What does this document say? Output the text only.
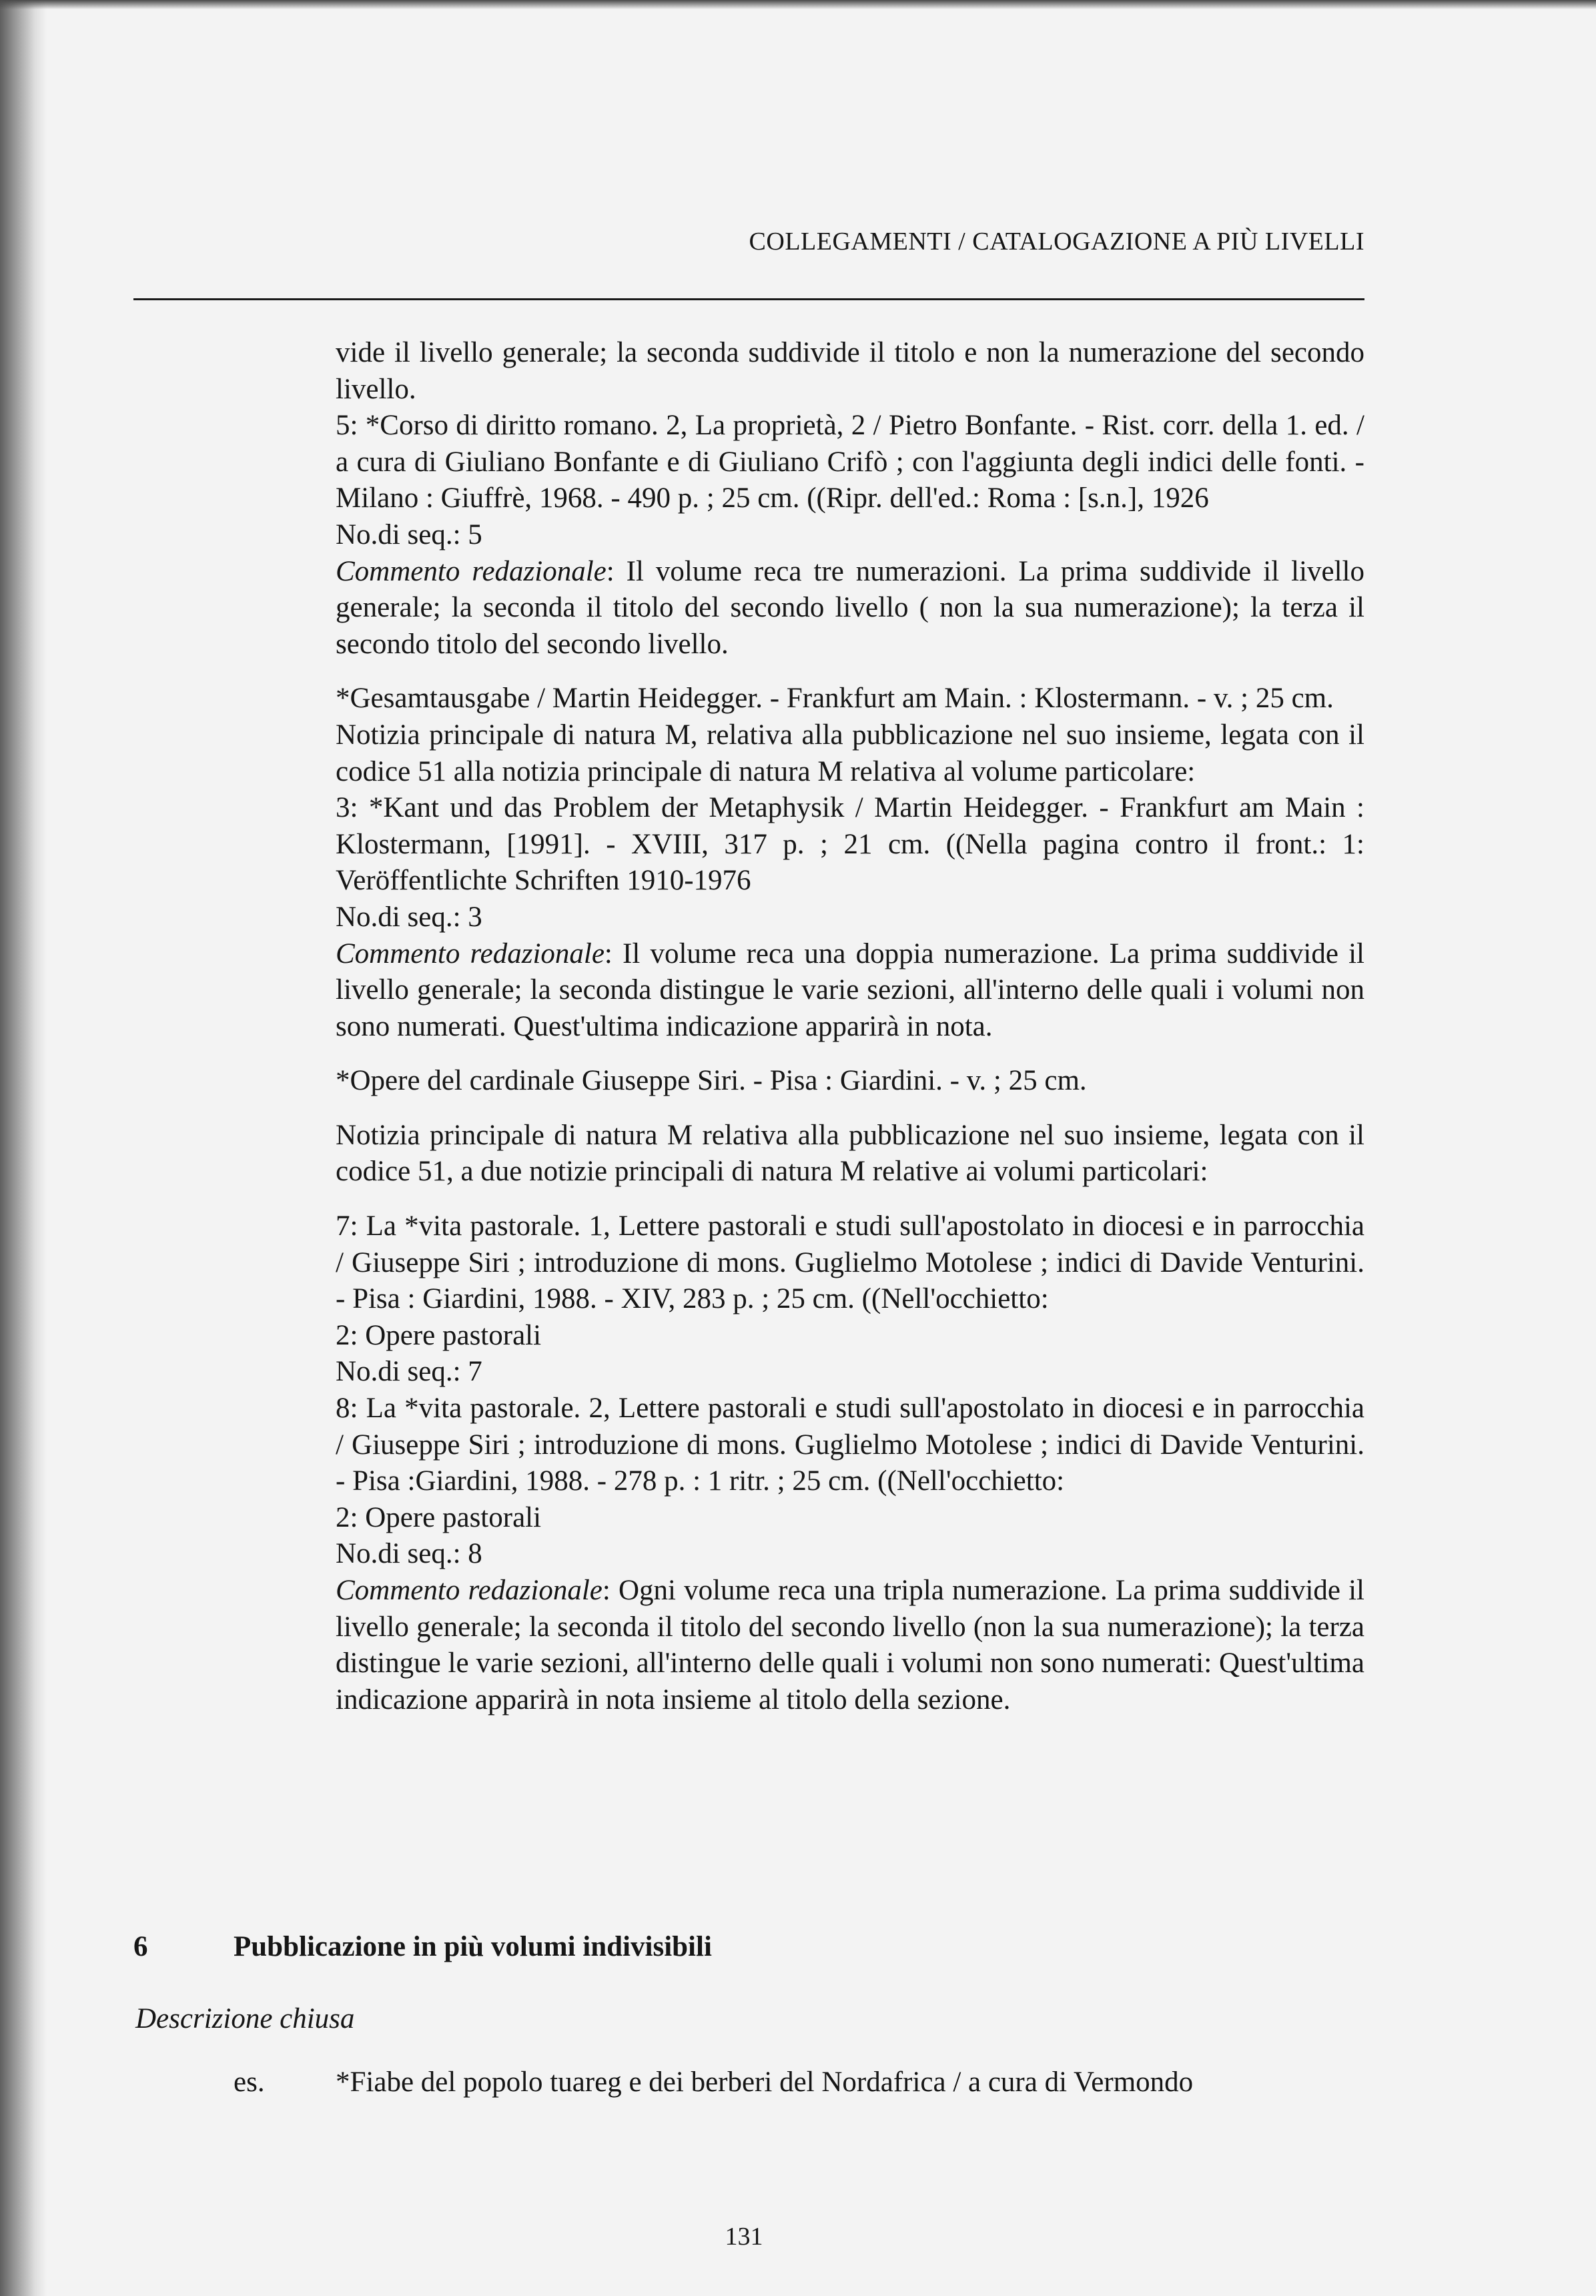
COLLEGAMENTI / CATALOGAZIONE A PIÙ LIVELLI

vide il livello generale; la seconda suddivide il titolo e non la numerazione del secondo livello.

5: *Corso di diritto romano. 2, La proprietà, 2 / Pietro Bonfante. - Rist. corr. della 1. ed. / a cura di Giuliano Bonfante e di Giuliano Crifò ; con l'aggiunta degli indici delle fonti. - Milano : Giuffrè, 1968. - 490 p. ; 25 cm. ((Ripr. dell'ed.: Roma : [s.n.], 1926

No.di seq.: 5

Commento redazionale: Il volume reca tre numerazioni. La prima suddivide il livello generale; la seconda il titolo del secondo livello ( non la sua numerazione); la terza il secondo titolo del secondo livello.

*Gesamtausgabe / Martin Heidegger. - Frankfurt am Main. : Klostermann. - v. ; 25 cm.

Notizia principale di natura M, relativa alla pubblicazione nel suo insieme, legata con il codice 51 alla notizia principale di natura M relativa al volume particolare:

3: *Kant und das Problem der Metaphysik / Martin Heidegger. - Frankfurt am Main : Klostermann, [1991]. - XVIII, 317 p. ; 21 cm. ((Nella pagina contro il front.: 1: Veröffentlichte Schriften 1910-1976

No.di seq.: 3

Commento redazionale: Il volume reca una doppia numerazione. La prima suddivide il livello generale; la seconda distingue le varie sezioni, all'interno delle quali i volumi non sono numerati. Quest'ultima indicazione apparirà in nota.

*Opere del cardinale Giuseppe Siri. - Pisa : Giardini. - v. ; 25 cm.

Notizia principale di natura M relativa alla pubblicazione nel suo insieme, legata con il codice 51, a due notizie principali di natura M relative ai volumi particolari:

7: La *vita pastorale. 1, Lettere pastorali e studi sull'apostolato in diocesi e in parrocchia / Giuseppe Siri ; introduzione di mons. Guglielmo Motolese ; indici di Davide Venturini. - Pisa : Giardini, 1988. - XIV, 283 p. ; 25 cm. ((Nell'occhietto:

2: Opere pastorali

No.di seq.: 7

8: La *vita pastorale. 2, Lettere pastorali e studi sull'apostolato in diocesi e in parrocchia / Giuseppe Siri ; introduzione di mons. Guglielmo Motolese ; indici di Davide Venturini. - Pisa :Giardini, 1988. - 278 p. : 1 ritr. ; 25 cm. ((Nell'occhietto:

2: Opere pastorali

No.di seq.: 8

Commento redazionale: Ogni volume reca una tripla numerazione. La prima suddivide il livello generale; la seconda il titolo del secondo livello (non la sua numerazione); la terza distingue le varie sezioni, all'interno delle quali i volumi non sono numerati: Quest'ultima indicazione apparirà in nota insieme al titolo della sezione.

6	Pubblicazione in più volumi indivisibili
Descrizione chiusa
es. *Fiabe del popolo tuareg e dei berberi del Nordafrica / a cura di Vermondo
131
